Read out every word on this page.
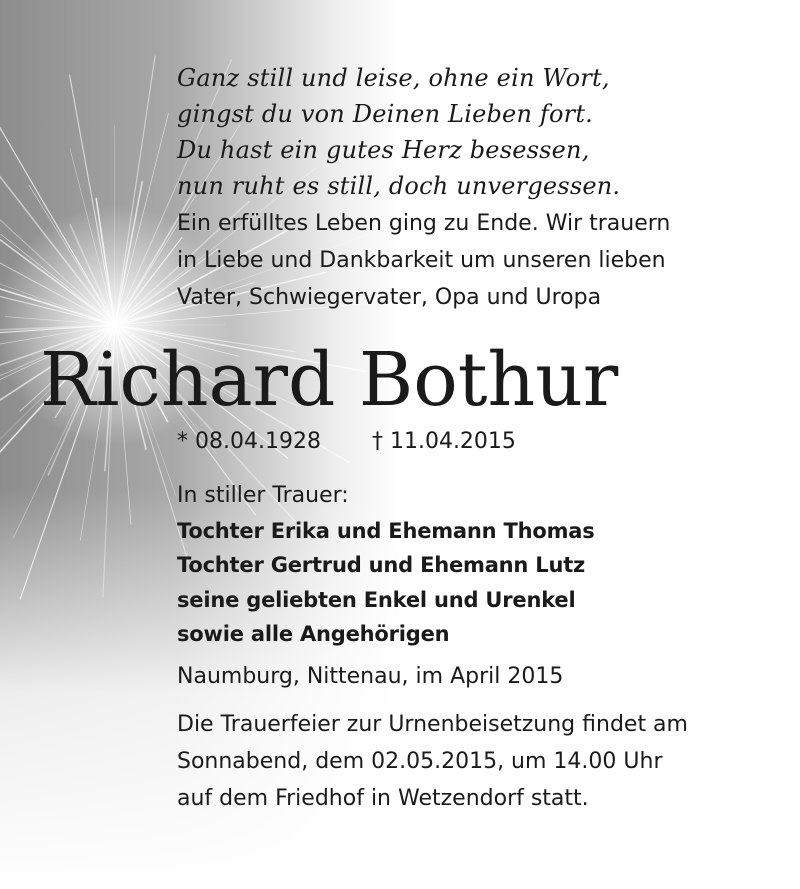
Ganz still und leise, ohne ein Wort,
gingst du von Deinen Lieben fort.
Du hast ein gutes Herz besessen,
nun ruht es still, doch unvergessen.
Ein erfülltes Leben ging zu Ende. Wir trauern
in Liebe und Dankbarkeit um unseren lieben
Vater, Schwiegervater, Opa und Uropa
Richard Bothur
* 08.04.1928 † 11.04.2015
In stiller Trauer:
Tochter Erika und Ehemann Thomas
Tochter Gertrud und Ehemann Lutz
seine geliebten Enkel und Urenkel
sowie alle Angehörigen
Naumburg, Nittenau, im April 2015
Die Trauerfeier zur Urnenbeisetzung findet am
Sonnabend, dem 02.05.2015, um 14.00 Uhr
auf dem Friedhof in Wetzendorf statt.
